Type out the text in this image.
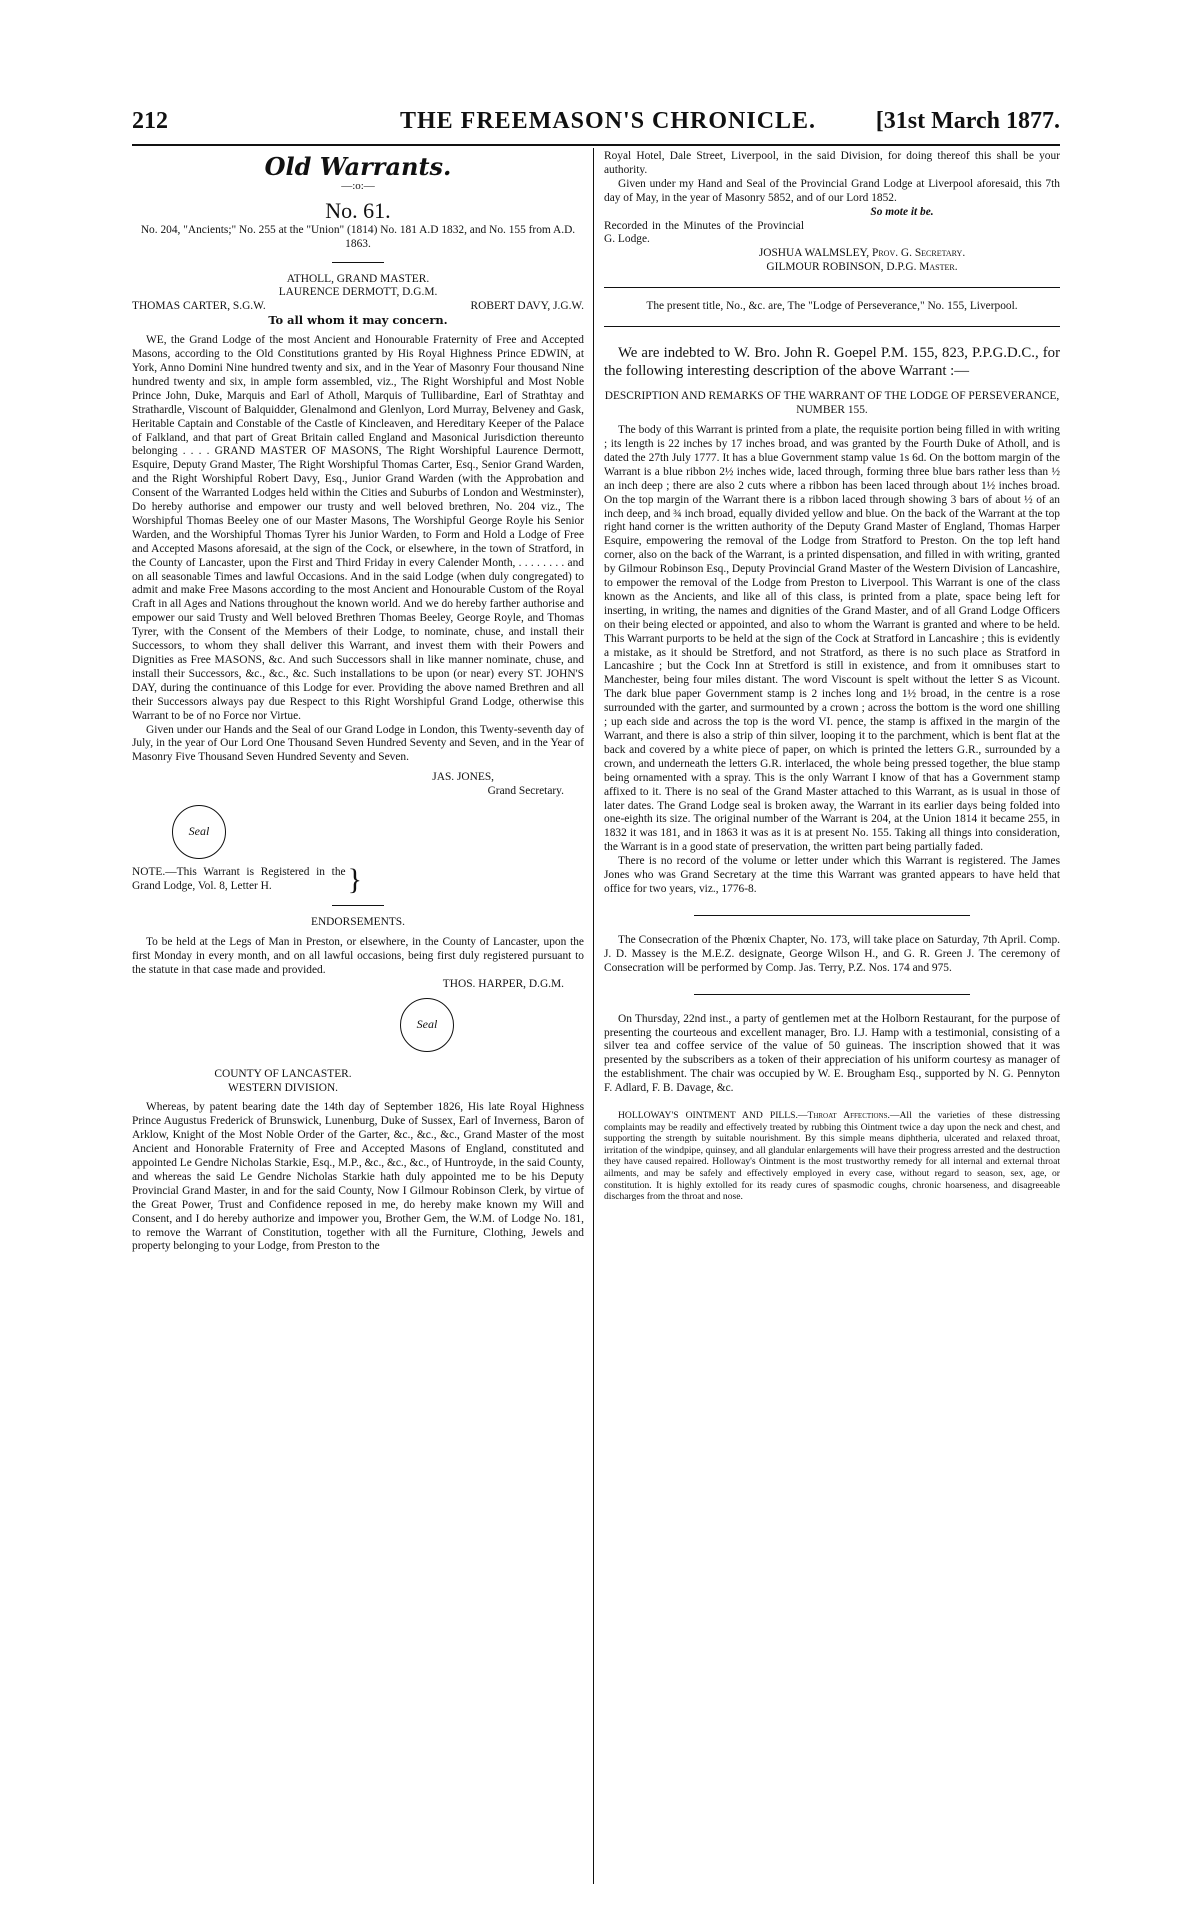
212	THE FREEMASON'S CHRONICLE. [31st March 1877.
Old Warrants.
—:o:—
No. 61.

No. 204, "Ancients;" No. 255 at the "Union" (1814) No. 181 A.D 1832, and No. 155 from A.D. 1863.

ATHOLL, GRAND MASTER.

LAURENCE DERMOTT, D.G.M.

THOMAS CARTER, S.G.W.	ROBERT DAVY, J.G.W.

To all whom it may concern.

WE, the Grand Lodge of the most Ancient and Honourable Fraternity of Free and Accepted Masons, according to the Old Constitutions granted by His Royal Highness Prince EDWIN, at York, Anno Domini Nine hundred twenty and six, and in the Year of Masonry Four thousand Nine hundred twenty and six, in ample form assembled, viz., The Right Worshipful and Most Noble Prince John, Duke, Marquis and Earl of Atholl, Marquis of Tullibardine, Earl of Strathtay and Strathardle, Viscount of Balquidder, Glenalmond and Glenlyon, Lord Murray, Belveney and Gask, Heritable Captain and Constable of the Castle of Kincleaven, and Hereditary Keeper of the Palace of Falkland, and that part of Great Britain called England and Masonical Jurisdiction thereunto belonging . . . . GRAND MASTER OF MASONS, The Right Worshipful Laurence Dermott, Esquire, Deputy Grand Master, The Right Worshipful Thomas Carter, Esq., Senior Grand Warden, and the Right Worshipful Robert Davy, Esq., Junior Grand Warden (with the Approbation and Consent of the Warranted Lodges held within the Cities and Suburbs of London and Westminster), Do hereby authorise and empower our trusty and well beloved brethren, No. 204 viz., The Worshipful Thomas Beeley one of our Master Masons, The Worshipful George Royle his Senior Warden, and the Worshipful Thomas Tyrer his Junior Warden, to Form and Hold a Lodge of Free and Accepted Masons aforesaid, at the sign of the Cock, or elsewhere, in the town of Stratford, in the County of Lancaster, upon the First and Third Friday in every Calender Month, . . . . . . . . and on all seasonable Times and lawful Occasions. And in the said Lodge (when duly congregated) to admit and make Free Masons according to the most Ancient and Honourable Custom of the Royal Craft in all Ages and Nations throughout the known world. And we do hereby farther authorise and empower our said Trusty and Well beloved Brethren Thomas Beeley, George Royle, and Thomas Tyrer, with the Consent of the Members of their Lodge, to nominate, chuse, and install their Successors, to whom they shall deliver this Warrant, and invest them with their Powers and Dignities as Free MASONS, &c. And such Successors shall in like manner nominate, chuse, and install their Successors, &c., &c., &c. Such installations to be upon (or near) every ST. JOHN'S DAY, during the continuance of this Lodge for ever. Providing the above named Brethren and all their Successors always pay due Respect to this Right Worshipful Grand Lodge, otherwise this Warrant to be of no Force nor Virtue.

Given under our Hands and the Seal of our Grand Lodge in London, this Twenty-seventh day of July, in the year of Our Lord One Thousand Seven Hundred Seventy and Seven, and in the Year of Masonry Five Thousand Seven Hundred Seventy and Seven.

JAS. JONES,

Grand Secretary.

Seal

NOTE.—This Warrant is Registered in the Grand Lodge, Vol. 8, Letter H.	}

ENDORSEMENTS.

To be held at the Legs of Man in Preston, or elsewhere, in the County of Lancaster, upon the first Monday in every month, and on all lawful occasions, being first duly registered pursuant to the statute in that case made and provided.

THOS. HARPER, D.G.M.

Seal

COUNTY OF LANCASTER.

WESTERN DIVISION.

Whereas, by patent bearing date the 14th day of September 1826, His late Royal Highness Prince Augustus Frederick of Brunswick, Lunenburg, Duke of Sussex, Earl of Inverness, Baron of Arklow, Knight of the Most Noble Order of the Garter, &c., &c., &c., Grand Master of the most Ancient and Honorable Fraternity of Free and Accepted Masons of England, constituted and appointed Le Gendre Nicholas Starkie, Esq., M.P., &c., &c., &c., of Huntroyde, in the said County, and whereas the said Le Gendre Nicholas Starkie hath duly appointed me to be his Deputy Provincial Grand Master, in and for the said County, Now I Gilmour Robinson Clerk, by virtue of the Great Power, Trust and Confidence reposed in me, do hereby make known my Will and Consent, and I do hereby authorize and impower you, Brother Gem, the W.M. of Lodge No. 181, to remove the Warrant of Constitution, together with all the Furniture, Clothing, Jewels and property belonging to your Lodge, from Preston to the

Royal Hotel, Dale Street, Liverpool, in the said Division, for doing thereof this shall be your authority.

Given under my Hand and Seal of the Provincial Grand Lodge at Liverpool aforesaid, this 7th day of May, in the year of Masonry 5852, and of our Lord 1852.

So mote it be.

Recorded in the Minutes of the Provincial G. Lodge.

JOSHUA WALMSLEY, Prov. G. Secretary.

GILMOUR ROBINSON, D.P.G. Master.

The present title, No., &c. are, The "Lodge of Perseverance," No. 155, Liverpool.

We are indebted to W. Bro. John R. Goepel P.M. 155, 823, P.P.G.D.C., for the following interesting description of the above Warrant :—

DESCRIPTION AND REMARKS OF THE WARRANT OF THE LODGE OF PERSEVERANCE, NUMBER 155.

The body of this Warrant is printed from a plate, the requisite portion being filled in with writing ; its length is 22 inches by 17 inches broad, and was granted by the Fourth Duke of Atholl, and is dated the 27th July 1777. It has a blue Government stamp value 1s 6d. On the bottom margin of the Warrant is a blue ribbon 2½ inches wide, laced through, forming three blue bars rather less than ½ an inch deep ; there are also 2 cuts where a ribbon has been laced through about 1½ inches broad. On the top margin of the Warrant there is a ribbon laced through showing 3 bars of about ½ of an inch deep, and ¾ inch broad, equally divided yellow and blue. On the back of the Warrant at the top right hand corner is the written authority of the Deputy Grand Master of England, Thomas Harper Esquire, empowering the removal of the Lodge from Stratford to Preston. On the top left hand corner, also on the back of the Warrant, is a printed dispensation, and filled in with writing, granted by Gilmour Robinson Esq., Deputy Provincial Grand Master of the Western Division of Lancashire, to empower the removal of the Lodge from Preston to Liverpool. This Warrant is one of the class known as the Ancients, and like all of this class, is printed from a plate, space being left for inserting, in writing, the names and dignities of the Grand Master, and of all Grand Lodge Officers on their being elected or appointed, and also to whom the Warrant is granted and where to be held. This Warrant purports to be held at the sign of the Cock at Stratford in Lancashire ; this is evidently a mistake, as it should be Stretford, and not Stratford, as there is no such place as Stratford in Lancashire ; but the Cock Inn at Stretford is still in existence, and from it omnibuses start to Manchester, being four miles distant. The word Viscount is spelt without the letter S as Vicount. The dark blue paper Government stamp is 2 inches long and 1½ broad, in the centre is a rose surrounded with the garter, and surmounted by a crown ; across the bottom is the word one shilling ; up each side and across the top is the word VI. pence, the stamp is affixed in the margin of the Warrant, and there is also a strip of thin silver, looping it to the parchment, which is bent flat at the back and covered by a white piece of paper, on which is printed the letters G.R., surrounded by a crown, and underneath the letters G.R. interlaced, the whole being pressed together, the blue stamp being ornamented with a spray. This is the only Warrant I know of that has a Government stamp affixed to it. There is no seal of the Grand Master attached to this Warrant, as is usual in those of later dates. The Grand Lodge seal is broken away, the Warrant in its earlier days being folded into one-eighth its size. The original number of the Warrant is 204, at the Union 1814 it became 255, in 1832 it was 181, and in 1863 it was as it is at present No. 155. Taking all things into consideration, the Warrant is in a good state of preservation, the written part being partially faded.

There is no record of the volume or letter under which this Warrant is registered. The James Jones who was Grand Secretary at the time this Warrant was granted appears to have held that office for two years, viz., 1776-8.

The Consecration of the Phœnix Chapter, No. 173, will take place on Saturday, 7th April. Comp. J. D. Massey is the M.E.Z. designate, George Wilson H., and G. R. Green J. The ceremony of Consecration will be performed by Comp. Jas. Terry, P.Z. Nos. 174 and 975.

On Thursday, 22nd inst., a party of gentlemen met at the Holborn Restaurant, for the purpose of presenting the courteous and excellent manager, Bro. I.J. Hamp with a testimonial, consisting of a silver tea and coffee service of the value of 50 guineas. The inscription showed that it was presented by the subscribers as a token of their appreciation of his uniform courtesy as manager of the establishment. The chair was occupied by W. E. Brougham Esq., supported by N. G. Pennyton F. Adlard, F. B. Davage, &c.

HOLLOWAY'S OINTMENT AND PILLS.—Throat Affections.—All the varieties of these distressing complaints may be readily and effectively treated by rubbing this Ointment twice a day upon the neck and chest, and supporting the strength by suitable nourishment. By this simple means diphtheria, ulcerated and relaxed throat, irritation of the windpipe, quinsey, and all glandular enlargements will have their progress arrested and the destruction they have caused repaired. Holloway's Ointment is the most trustworthy remedy for all internal and external throat ailments, and may be safely and effectively employed in every case, without regard to season, sex, age, or constitution. It is highly extolled for its ready cures of spasmodic coughs, chronic hoarseness, and disagreeable discharges from the throat and nose.
